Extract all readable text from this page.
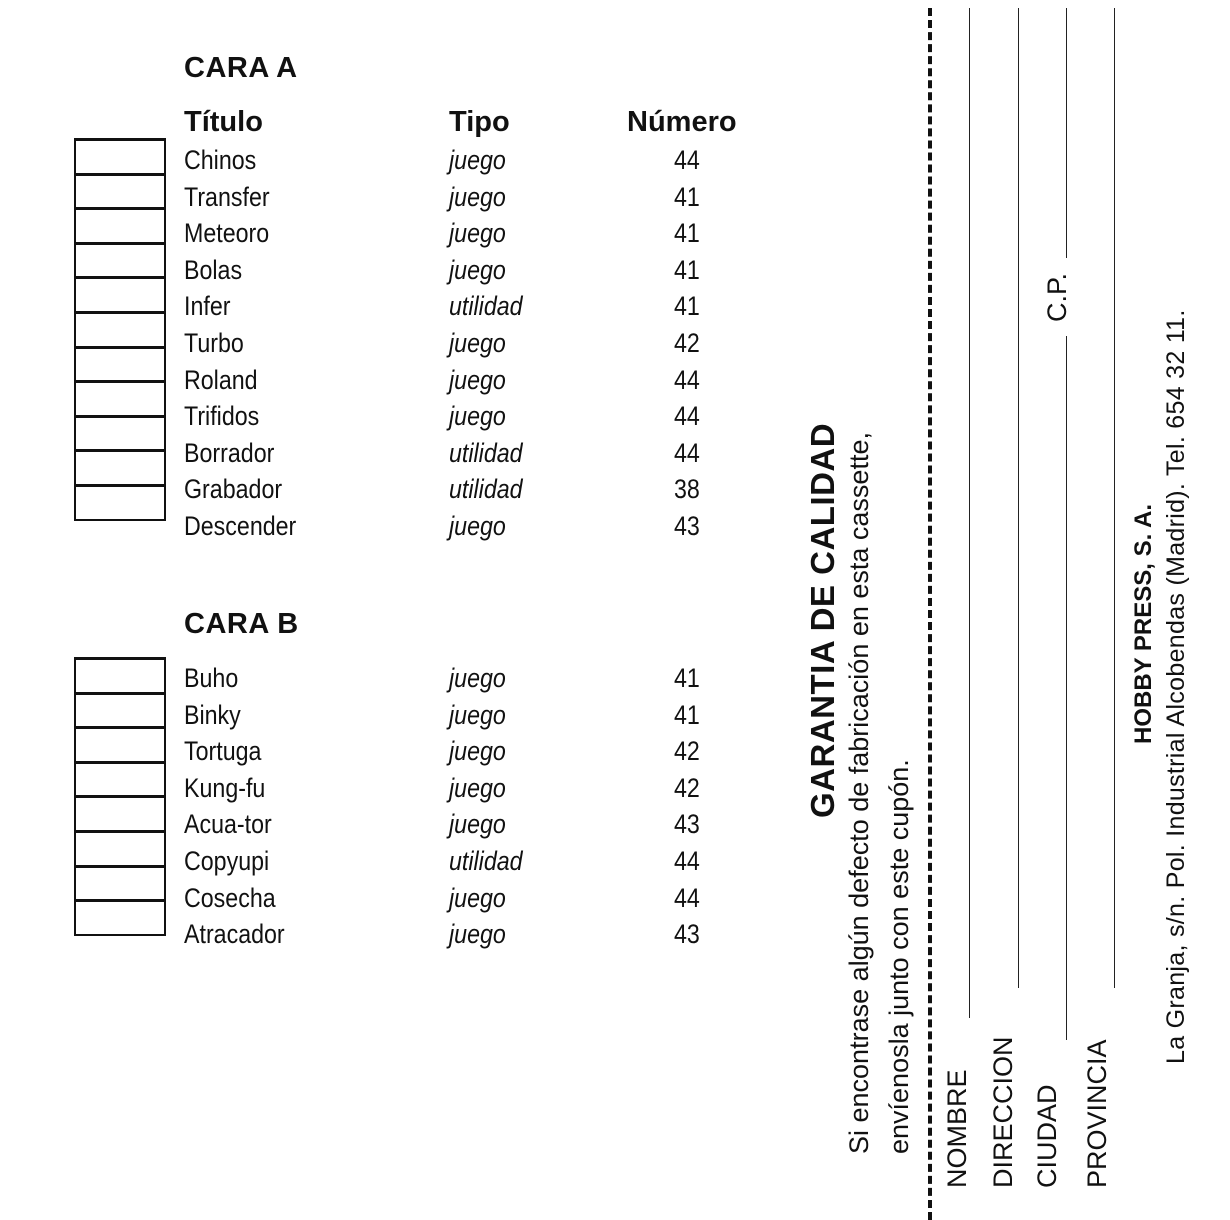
CARA A
Título	Tipo	Número
Chinos	juego	44
Transfer	juego	41
Meteoro	juego	41
Bolas	juego	41
Infer	utilidad	41
Turbo	juego	42
Roland	juego	44
Trifidos	juego	44
Borrador	utilidad	44
Grabador	utilidad	38
Descender	juego	43
CARA B
Buho	juego	41
Binky	juego	41
Tortuga	juego	42
Kung-fu	juego	42
Acua-tor	juego	43
Copyupi	utilidad	44
Cosecha	juego	44
Atracador	juego	43
GARANTIA DE CALIDAD Si encontrase algún defecto de fabricación en esta cassette, envíenosla junto con este cupón. NOMBRE DIRECCION CIUDAD
C.P.
PROVINCIA
HOBBY PRESS, S. A. La Granja, s/n. Pol. Industrial Alcobendas (Madrid). Tel. 654 32 11.
